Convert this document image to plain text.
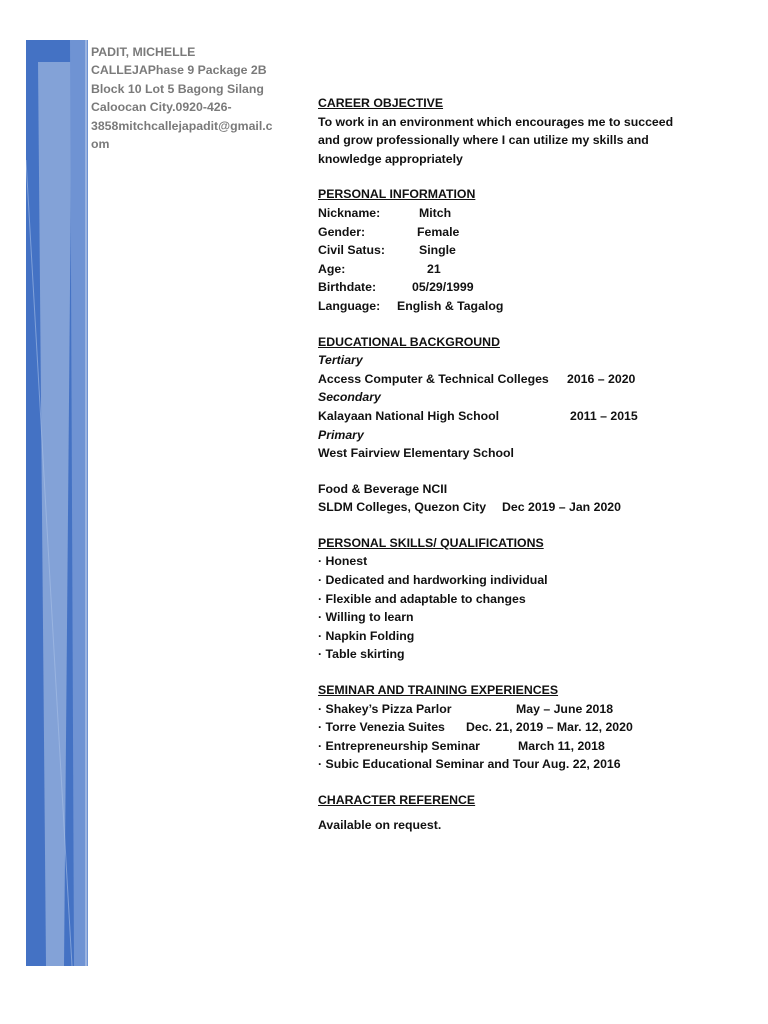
PADIT, MICHELLE
CALLEJAPhase 9 Package 2B
Block 10 Lot 5 Bagong Silang
Caloocan City.0920-426-
3858mitchcallejapadit@gmail.c
om
CAREER OBJECTIVE
To work in an environment which encourages me to succeed
and grow professionally where I can utilize my skills and
knowledge appropriately
PERSONAL INFORMATION
Nickname:	Mitch
Gender:	Female
Civil Satus:	Single
Age:	21
Birthdate:	05/29/1999
Language: English & Tagalog
EDUCATIONAL BACKGROUND
Tertiary
Access Computer & Technical Colleges 2016 – 2020
Secondary
Kalayaan National High School	2011 – 2015
Primary
West Fairview Elementary School
Food & Beverage NCII
SLDM Colleges, Quezon City Dec 2019 – Jan 2020
PERSONAL SKILLS/ QUALIFICATIONS
· Honest
· Dedicated and hardworking individual
· Flexible and adaptable to changes
· Willing to learn
· Napkin Folding
· Table skirting
SEMINAR AND TRAINING EXPERIENCES
· Shakey’s Pizza Parlor	May – June 2018
· Torre Venezia Suites Dec. 21, 2019 – Mar. 12, 2020
· Entrepreneurship Seminar	March 11, 2018
· Subic Educational Seminar and Tour Aug. 22, 2016
CHARACTER REFERENCE
Available on request.
